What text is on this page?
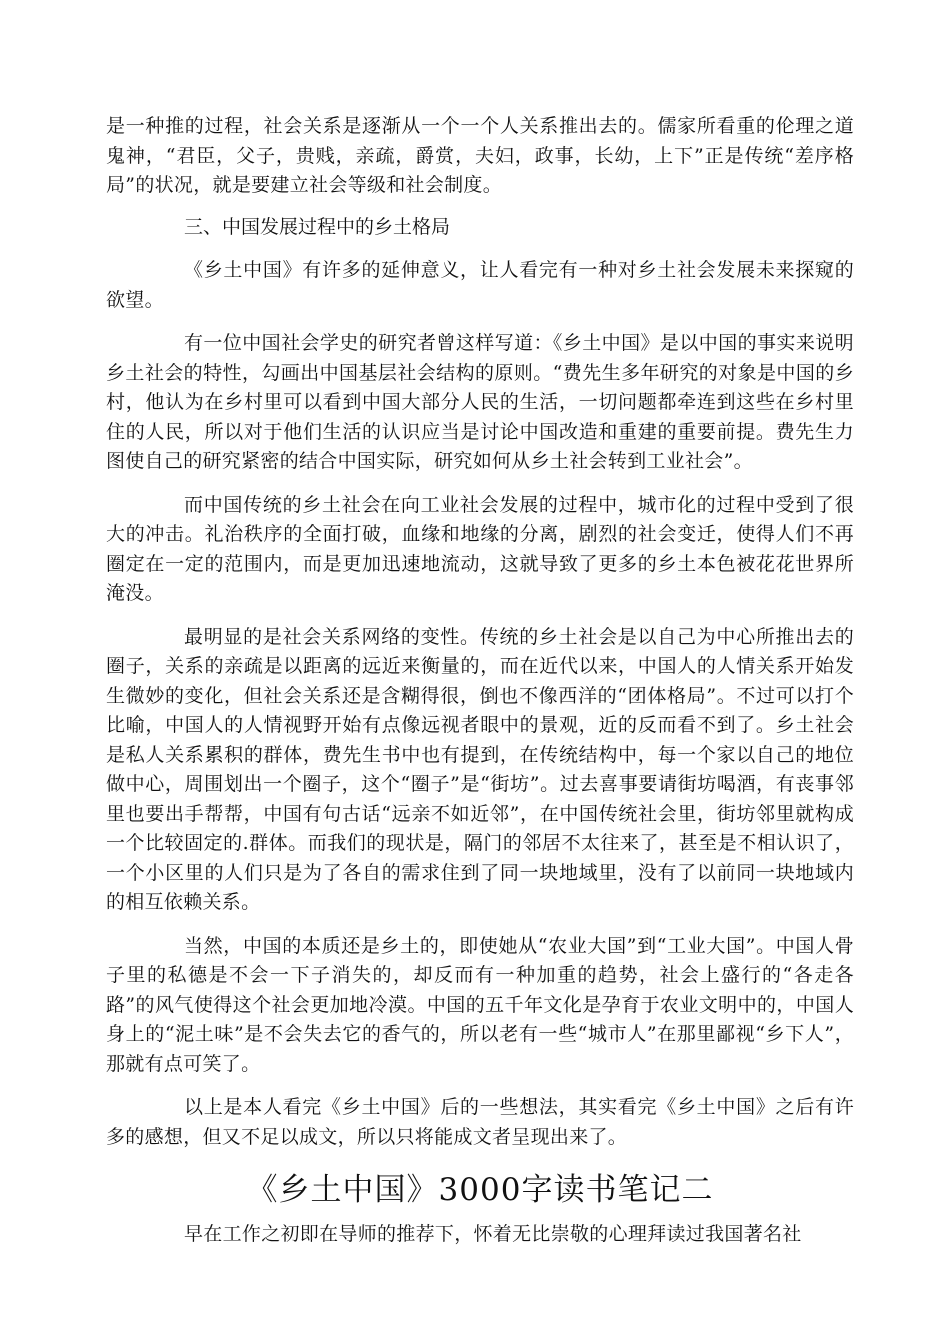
是一种推的过程，社会关系是逐渐从一个一个人关系推出去的。儒家所看重的伦理之道鬼神，“君臣，父子，贵贱，亲疏，爵赏，夫妇，政事，长幼，上下”正是传统“差序格局”的状况，就是要建立社会等级和社会制度。

三、中国发展过程中的乡土格局

《乡土中国》有许多的延伸意义，让人看完有一种对乡土社会发展未来探窥的欲望。

有一位中国社会学史的研究者曾这样写道：《乡土中国》是以中国的事实来说明乡土社会的特性，勾画出中国基层社会结构的原则。“费先生多年研究的对象是中国的乡村，他认为在乡村里可以看到中国大部分人民的生活，一切问题都牵连到这些在乡村里住的人民，所以对于他们生活的认识应当是讨论中国改造和重建的重要前提。费先生力图使自己的研究紧密的结合中国实际，研究如何从乡土社会转到工业社会”。

而中国传统的乡土社会在向工业社会发展的过程中，城市化的过程中受到了很大的冲击。礼治秩序的全面打破，血缘和地缘的分离，剧烈的社会变迁，使得人们不再圈定在一定的范围内，而是更加迅速地流动，这就导致了更多的乡土本色被花花世界所淹没。

最明显的是社会关系网络的变性。传统的乡土社会是以自己为中心所推出去的圈子，关系的亲疏是以距离的远近来衡量的，而在近代以来，中国人的人情关系开始发生微妙的变化，但社会关系还是含糊得很，倒也不像西洋的“团体格局”。不过可以打个比喻，中国人的人情视野开始有点像远视者眼中的景观，近的反而看不到了。乡土社会是私人关系累积的群体，费先生书中也有提到，在传统结构中，每一个家以自己的地位做中心，周围划出一个圈子，这个“圈子”是“街坊”。过去喜事要请街坊喝酒，有丧事邻里也要出手帮帮，中国有句古话“远亲不如近邻”，在中国传统社会里，街坊邻里就构成一个比较固定的.群体。而我们的现状是，隔门的邻居不太往来了，甚至是不相认识了，一个小区里的人们只是为了各自的需求住到了同一块地域里，没有了以前同一块地域内的相互依赖关系。

当然，中国的本质还是乡土的，即使她从“农业大国”到“工业大国”。中国人骨子里的私德是不会一下子消失的，却反而有一种加重的趋势，社会上盛行的“各走各路”的风气使得这个社会更加地冷漠。中国的五千年文化是孕育于农业文明中的，中国人身上的“泥土味”是不会失去它的香气的，所以老有一些“城市人”在那里鄙视“乡下人”，那就有点可笑了。

以上是本人看完《乡土中国》后的一些想法，其实看完《乡土中国》之后有许多的感想，但又不足以成文，所以只将能成文者呈现出来了。

《乡土中国》3000字读书笔记二

早在工作之初即在导师的推荐下，怀着无比崇敬的心理拜读过我国著名社
